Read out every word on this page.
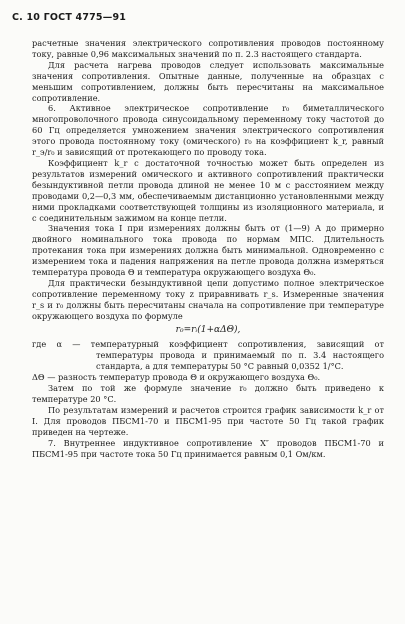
С. 10 ГОСТ 4775—91

расчетные значения электрического сопротивления проводов постоянному току, равные 0,96 максимальных значений по п. 2.3 настоящего стандарта.

Для расчета нагрева проводов следует использовать максимальные значения сопротивления. Опытные данные, полученные на образцах с меньшим сопротивлением, должны быть пересчитаны на максимальное сопротивление.

6. Активное электрическое сопротивление r₀ биметаллического многопроволочного провода синусоидальному переменному току частотой до 60 Гц определяется умножением значения электрического сопротивления этого провода постоянному току (омического) r₀ на коэффициент k_r, равный r_э/r₀ и зависящий от протекающего по проводу тока.

Коэффициент k_r с достаточной точностью может быть определен из результатов измерений омического и активного сопротивлений практически безындуктивной петли провода длиной не менее 10 м с расстоянием между проводами 0,2—0,3 мм, обеспечиваемым дистанционно установленными между ними прокладками соответствующей толщины из изоляционного материала, и с соединительным зажимом на конце петли.

Значения тока I при измерениях должны быть от (1—9) А до примерно двойного номинального тока провода по нормам МПС. Длительность протекания тока при измерениях должна быть минимальной. Одновременно с измерением тока и падения напряжения на петле провода должна измеряться температура провода Θ и температура окружающего воздуха Θ₀.

Для практически безындуктивной цепи допустимо полное электрическое сопротивление переменному току z приравнивать r_s. Измеренные значения r_s и r₀ должны быть пересчитаны сначала на сопротивление при температуре окружающего воздуха по формуле

r₀=rᵢ(1+αΔΘ),

где α — температурный коэффициент сопротивления, зависящий от температуры провода и принимаемый по п. 3.4 настоящего стандарта, а для температуры 50 °С равный 0,0352 1/°С.

ΔΘ — разность температур провода Θ и окружающего воздуха Θ₀.

Затем по той же формуле значение r₀ должно быть приведено к температуре 20 °С.

По результатам измерений и расчетов строится график зависимости k_r от I. Для проводов ПБСМ1-70 и ПБСМ1-95 при частоте 50 Гц такой график приведен на чертеже.

7. Внутреннее индуктивное сопротивление X″ проводов ПБСМ1-70 и ПБСМ1-95 при частоте тока 50 Гц принимается равным 0,1 Ом/км.
